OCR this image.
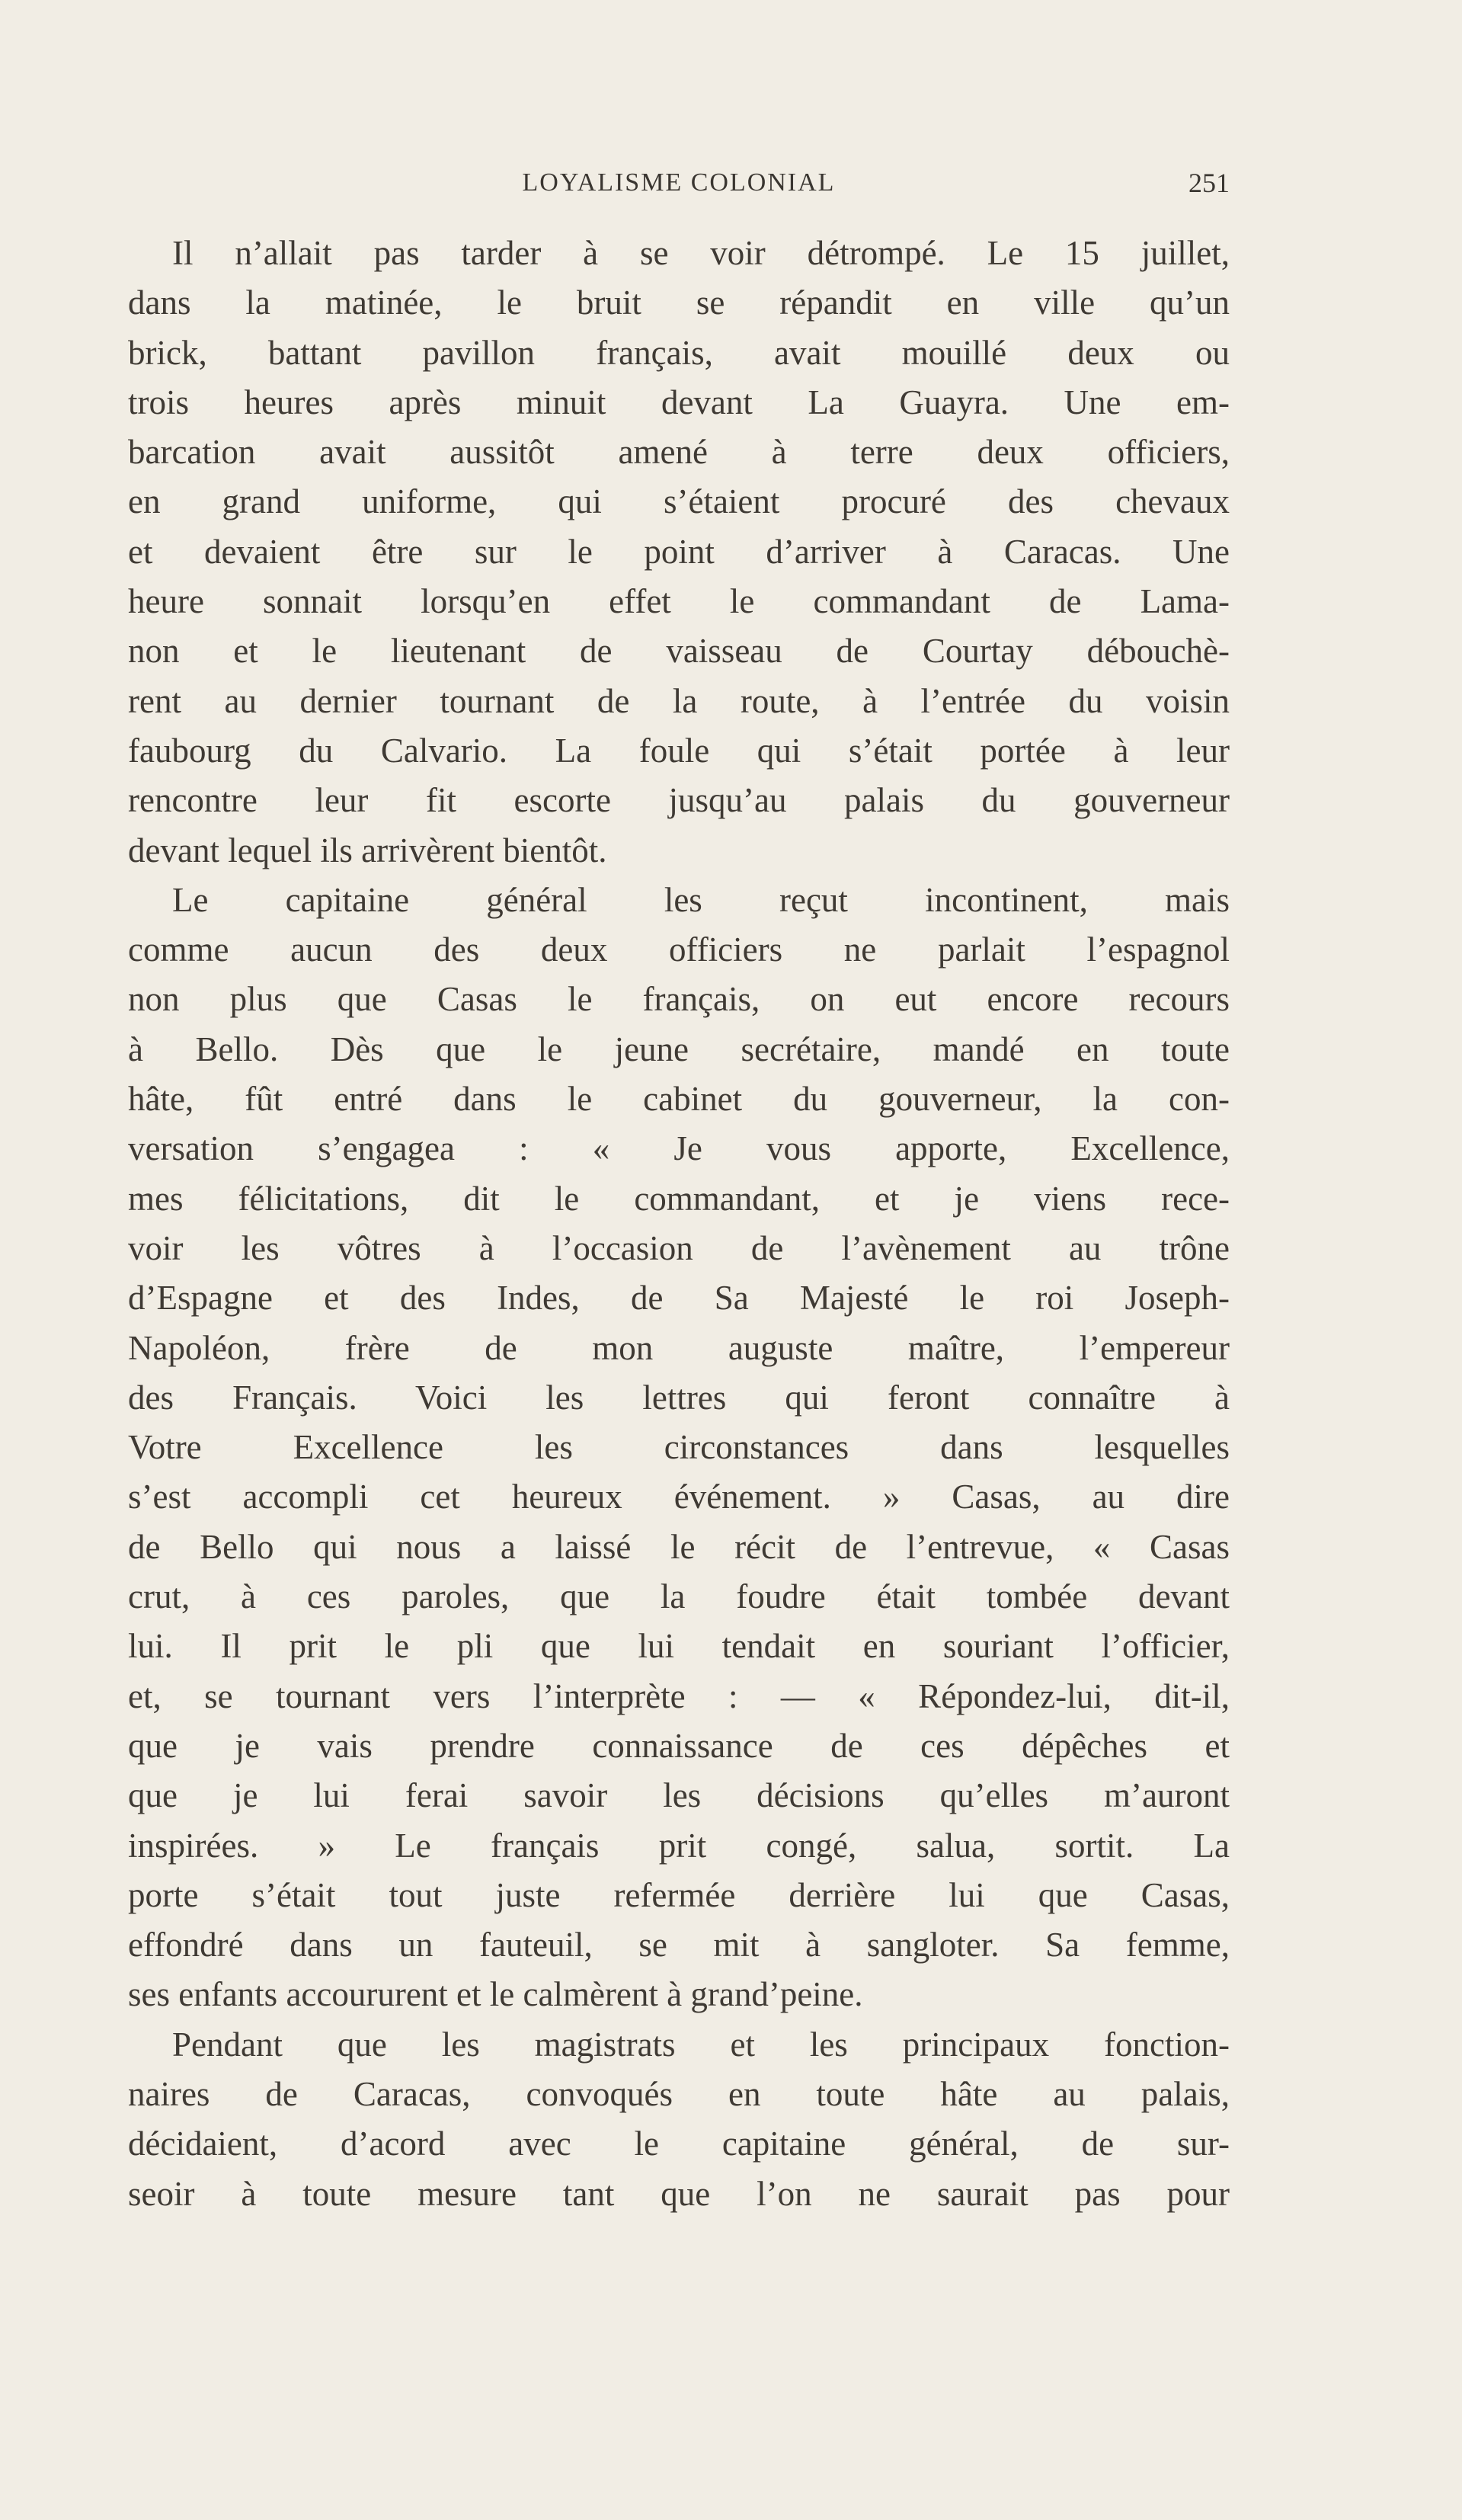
LOYALISME COLONIAL	251
Il n’allait pas tarder à se voir détrompé. Le 15 juillet,
dans la matinée, le bruit se répandit en ville qu’un
brick, battant pavillon français, avait mouillé deux ou
trois heures après minuit devant La Guayra. Une em-
barcation avait aussitôt amené à terre deux officiers,
en grand uniforme, qui s’étaient procuré des chevaux
et devaient être sur le point d’arriver à Caracas. Une
heure sonnait lorsqu’en effet le commandant de Lama-
non et le lieutenant de vaisseau de Courtay débouchè-
rent au dernier tournant de la route, à l’entrée du voisin
faubourg du Calvario. La foule qui s’était portée à leur
rencontre leur fit escorte jusqu’au palais du gouverneur
devant lequel ils arrivèrent bientôt.
Le capitaine général les reçut incontinent, mais
comme aucun des deux officiers ne parlait l’espagnol
non plus que Casas le français, on eut encore recours
à Bello. Dès que le jeune secrétaire, mandé en toute
hâte, fût entré dans le cabinet du gouverneur, la con-
versation s’engagea : « Je vous apporte, Excellence,
mes félicitations, dit le commandant, et je viens rece-
voir les vôtres à l’occasion de l’avènement au trône
d’Espagne et des Indes, de Sa Majesté le roi Joseph-
Napoléon, frère de mon auguste maître, l’empereur
des Français. Voici les lettres qui feront connaître à
Votre Excellence les circonstances dans lesquelles
s’est accompli cet heureux événement. » Casas, au dire
de Bello qui nous a laissé le récit de l’entrevue, « Casas
crut, à ces paroles, que la foudre était tombée devant
lui. Il prit le pli que lui tendait en souriant l’officier,
et, se tournant vers l’interprète : — « Répondez-lui, dit-il,
que je vais prendre connaissance de ces dépêches et
que je lui ferai savoir les décisions qu’elles m’auront
inspirées. » Le français prit congé, salua, sortit. La
porte s’était tout juste refermée derrière lui que Casas,
effondré dans un fauteuil, se mit à sangloter. Sa femme,
ses enfants accoururent et le calmèrent à grand’peine.
Pendant que les magistrats et les principaux fonction-
naires de Caracas, convoqués en toute hâte au palais,
décidaient, d’acord avec le capitaine général, de sur-
seoir à toute mesure tant que l’on ne saurait pas pour
